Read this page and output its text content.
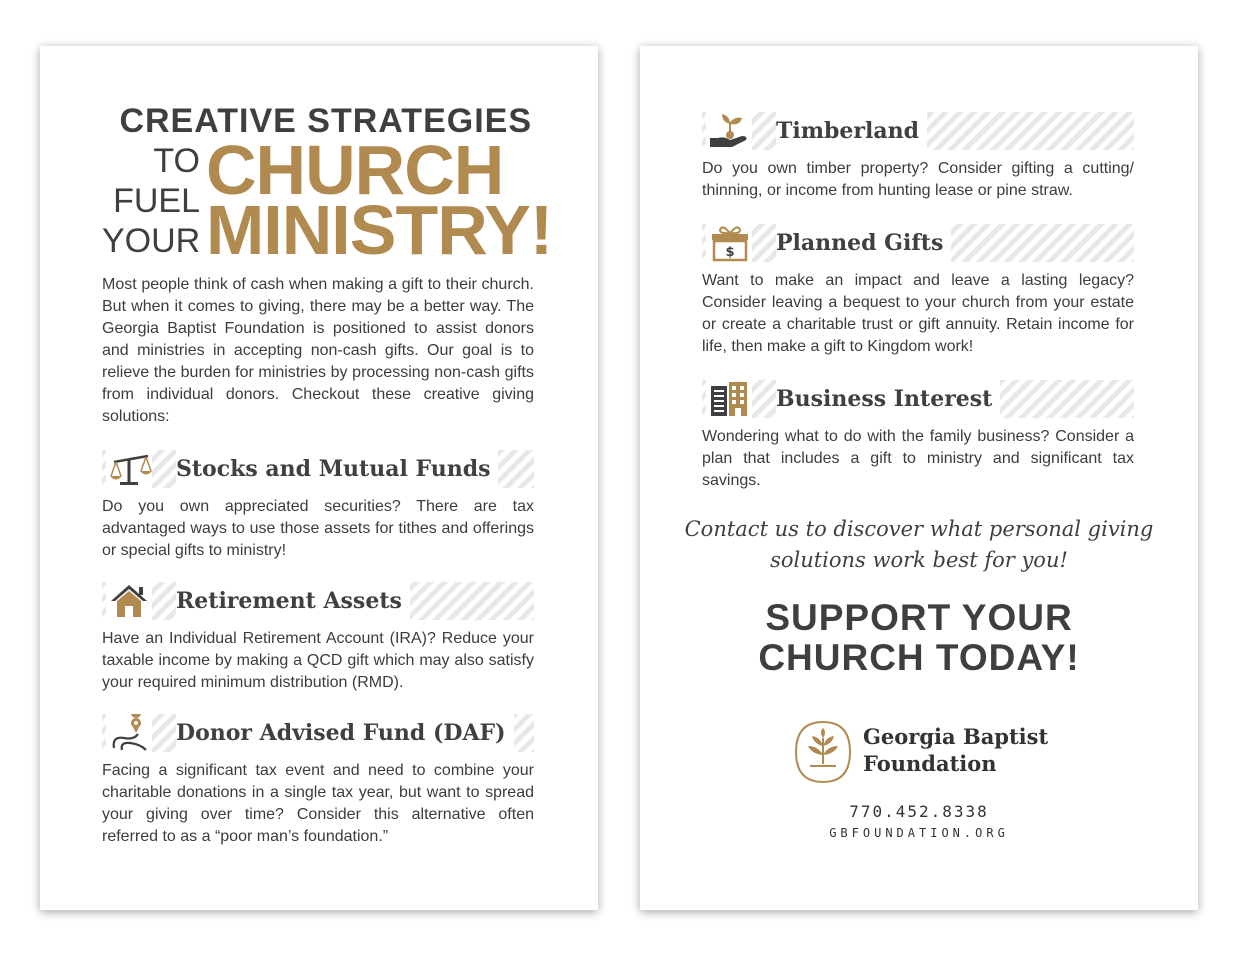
CREATIVE STRATEGIES
TO
FUEL
YOUR
CHURCH
MINISTRY!
Most people think of cash when making a gift to their church. But when it comes to giving, there may be a better way. The Georgia Baptist Foundation is positioned to assist donors and ministries in accepting non-cash gifts. Our goal is to relieve the burden for ministries by processing non-cash gifts from individual donors. Checkout these creative giving solutions:
Stocks and Mutual Funds
Do you own appreciated securities? There are tax advantaged ways to use those assets for tithes and offerings or special gifts to ministry!
Retirement Assets
Have an Individual Retirement Account (IRA)? Reduce your taxable income by making a QCD gift which may also satisfy your required minimum distribution (RMD).
Donor Advised Fund (DAF)
Facing a significant tax event and need to combine your charitable donations in a single tax year, but want to spread your giving over time? Consider this alternative often referred to as a “poor man’s foundation.”
Timberland
Do you own timber property? Consider gifting a cutting/ thinning, or income from hunting lease or pine straw.
$ Planned Gifts
Want to make an impact and leave a lasting legacy? Consider leaving a bequest to your church from your estate or create a charitable trust or gift annuity. Retain income for life, then make a gift to Kingdom work!
Business Interest
Wondering what to do with the family business? Consider a plan that includes a gift to ministry and significant tax savings.
Contact us to discover what personal giving solutions work best for you!
SUPPORT YOUR
CHURCH TODAY!
Georgia Baptist
Foundation
770.452.8338
GBFOUNDATION.ORG
